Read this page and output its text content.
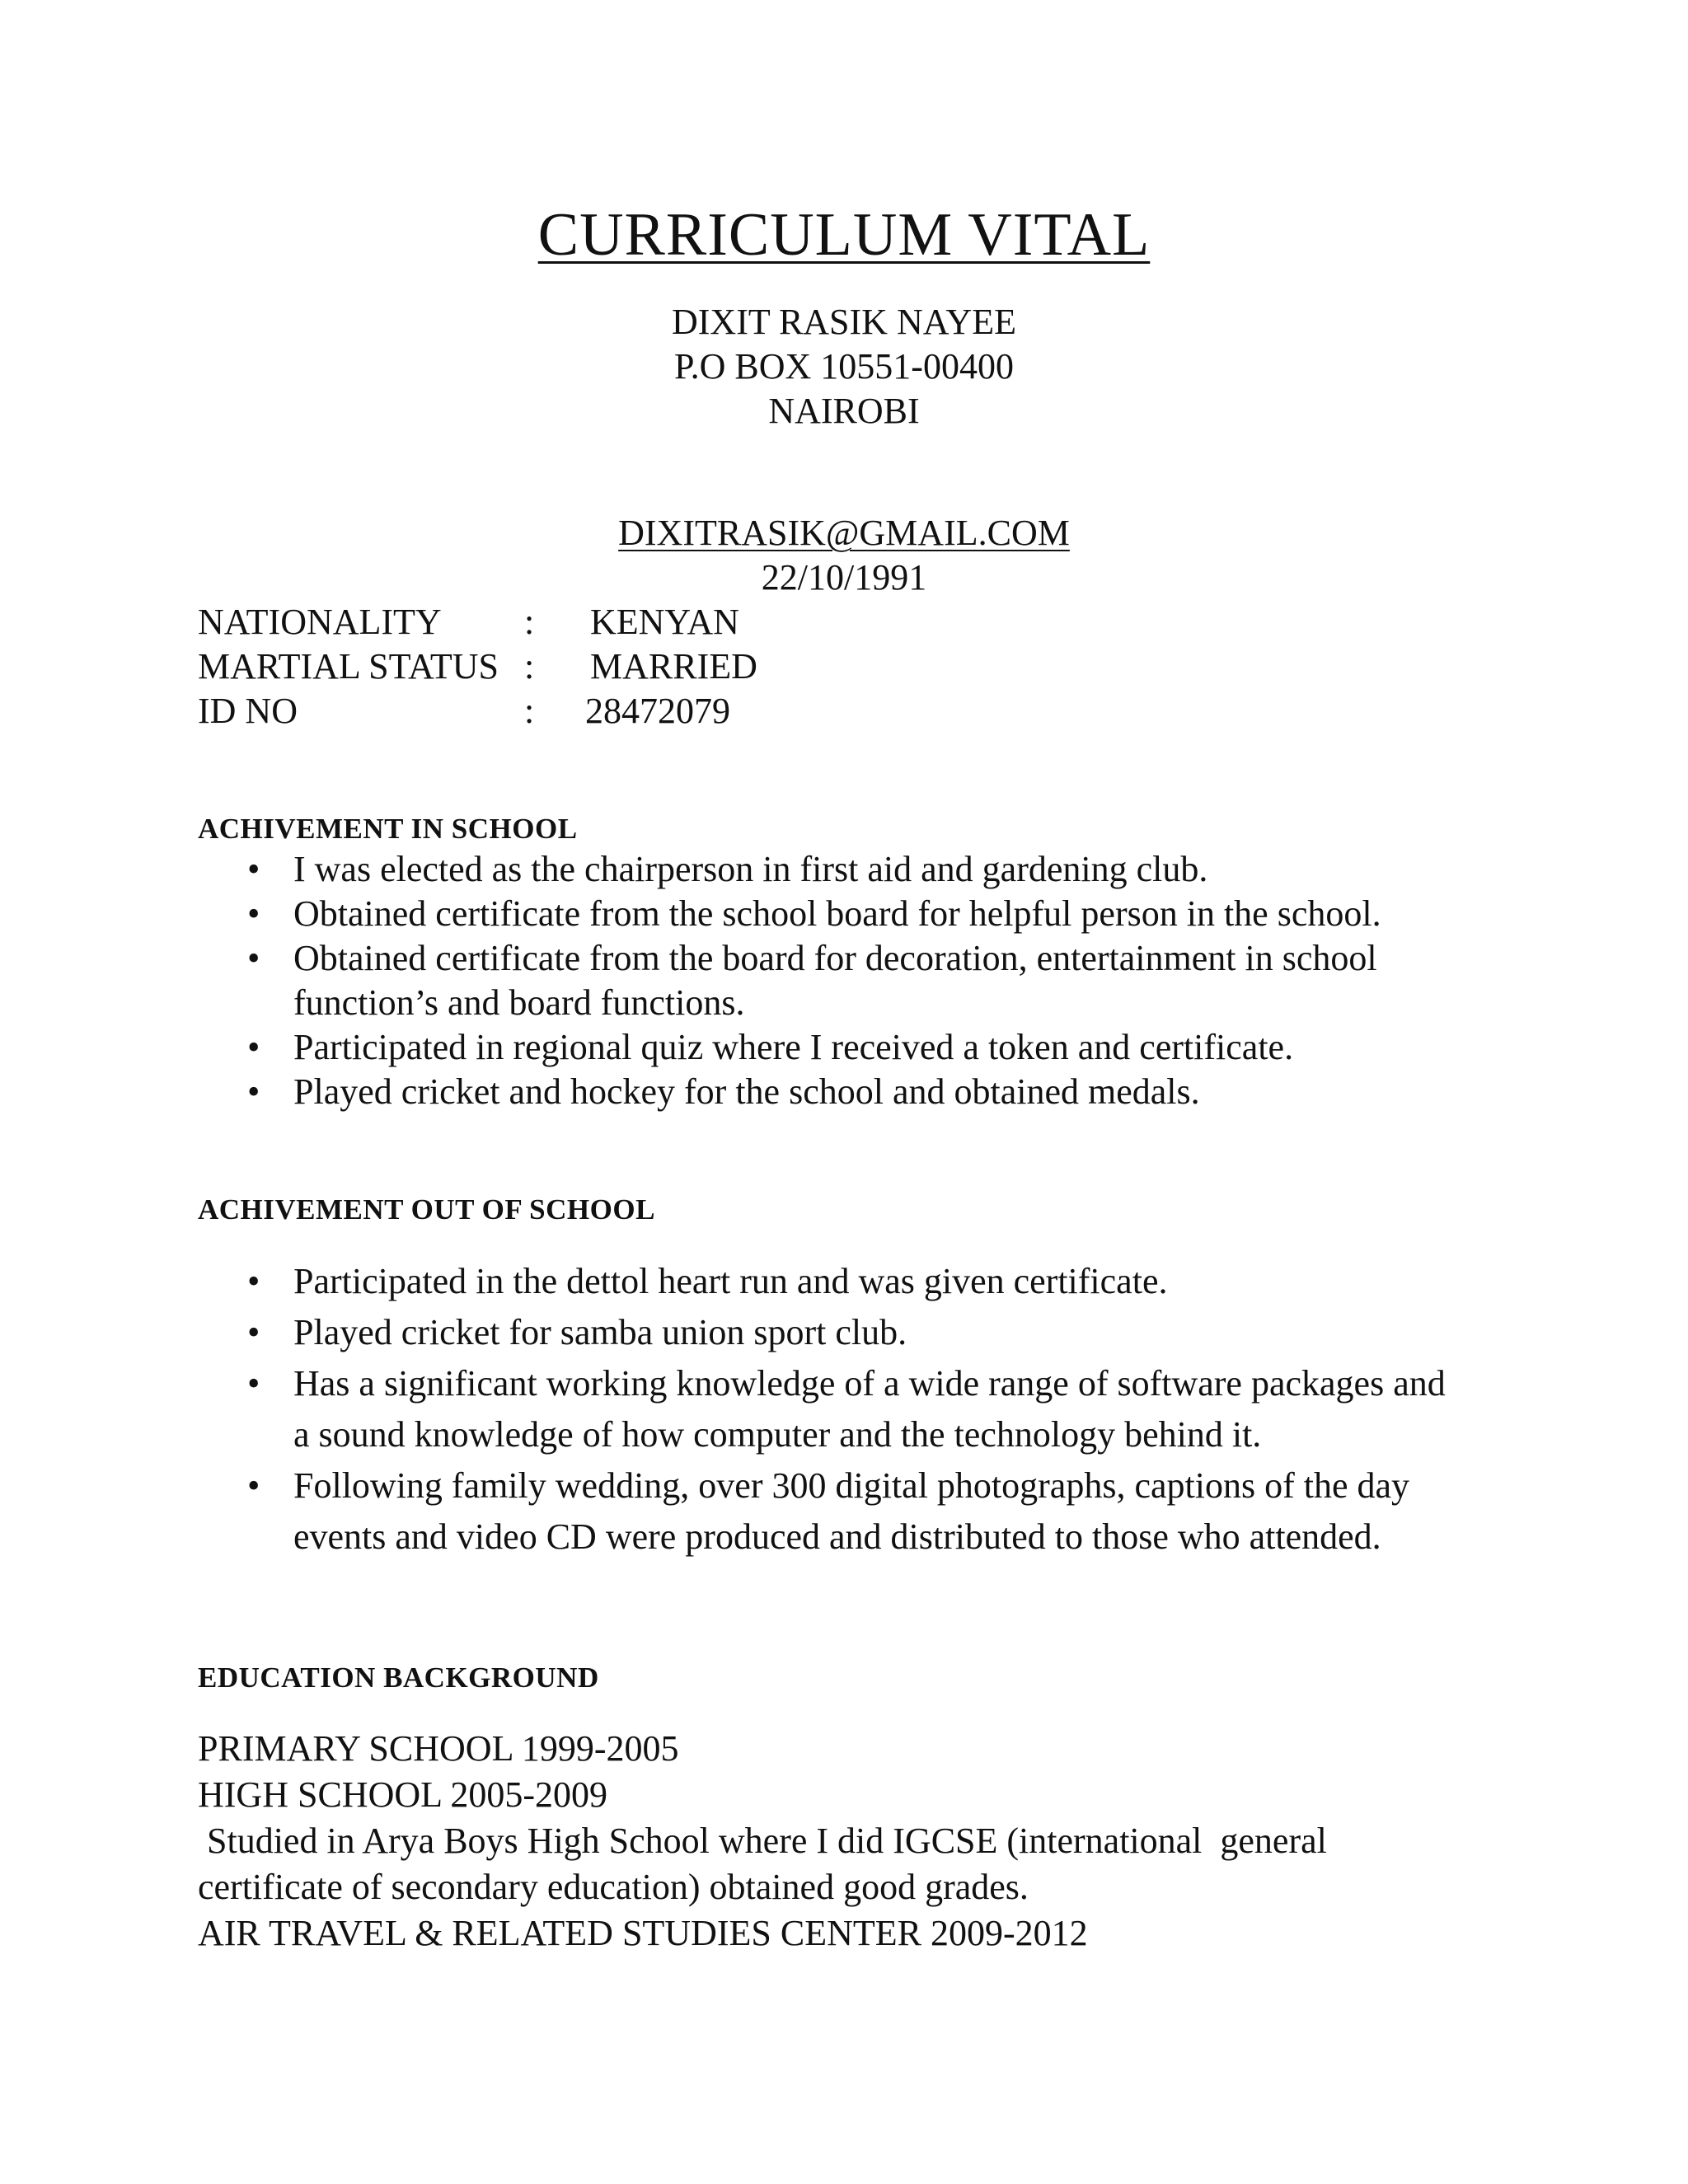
CURRICULUM VITAL
DIXIT RASIK NAYEE
P.O BOX 10551-00400
NAIROBI
DIXITRASIK@GMAIL.COM
22/10/1991
NATIONALITY : KENYAN
MARTIAL STATUS : MARRIED
ID NO	: 28472079
ACHIVEMENT IN SCHOOL
• I was elected as the chairperson in first aid and gardening club.
• Obtained certificate from the school board for helpful person in the school.
• Obtained certificate from the board for decoration, entertainment in school function’s and board functions.
• Participated in regional quiz where I received a token and certificate.
• Played cricket and hockey for the school and obtained medals.
ACHIVEMENT OUT OF SCHOOL
• Participated in the dettol heart run and was given certificate.
• Played cricket for samba union sport club.
• Has a significant working knowledge of a wide range of software packages and a sound knowledge of how computer and the technology behind it.
• Following family wedding, over 300 digital photographs, captions of the day events and video CD were produced and distributed to those who attended.
EDUCATION BACKGROUND
PRIMARY SCHOOL 1999-2005
HIGH SCHOOL 2005-2009
Studied in Arya Boys High School where I did IGCSE (international  general
certificate of secondary education) obtained good grades.
AIR TRAVEL & RELATED STUDIES CENTER 2009-2012
